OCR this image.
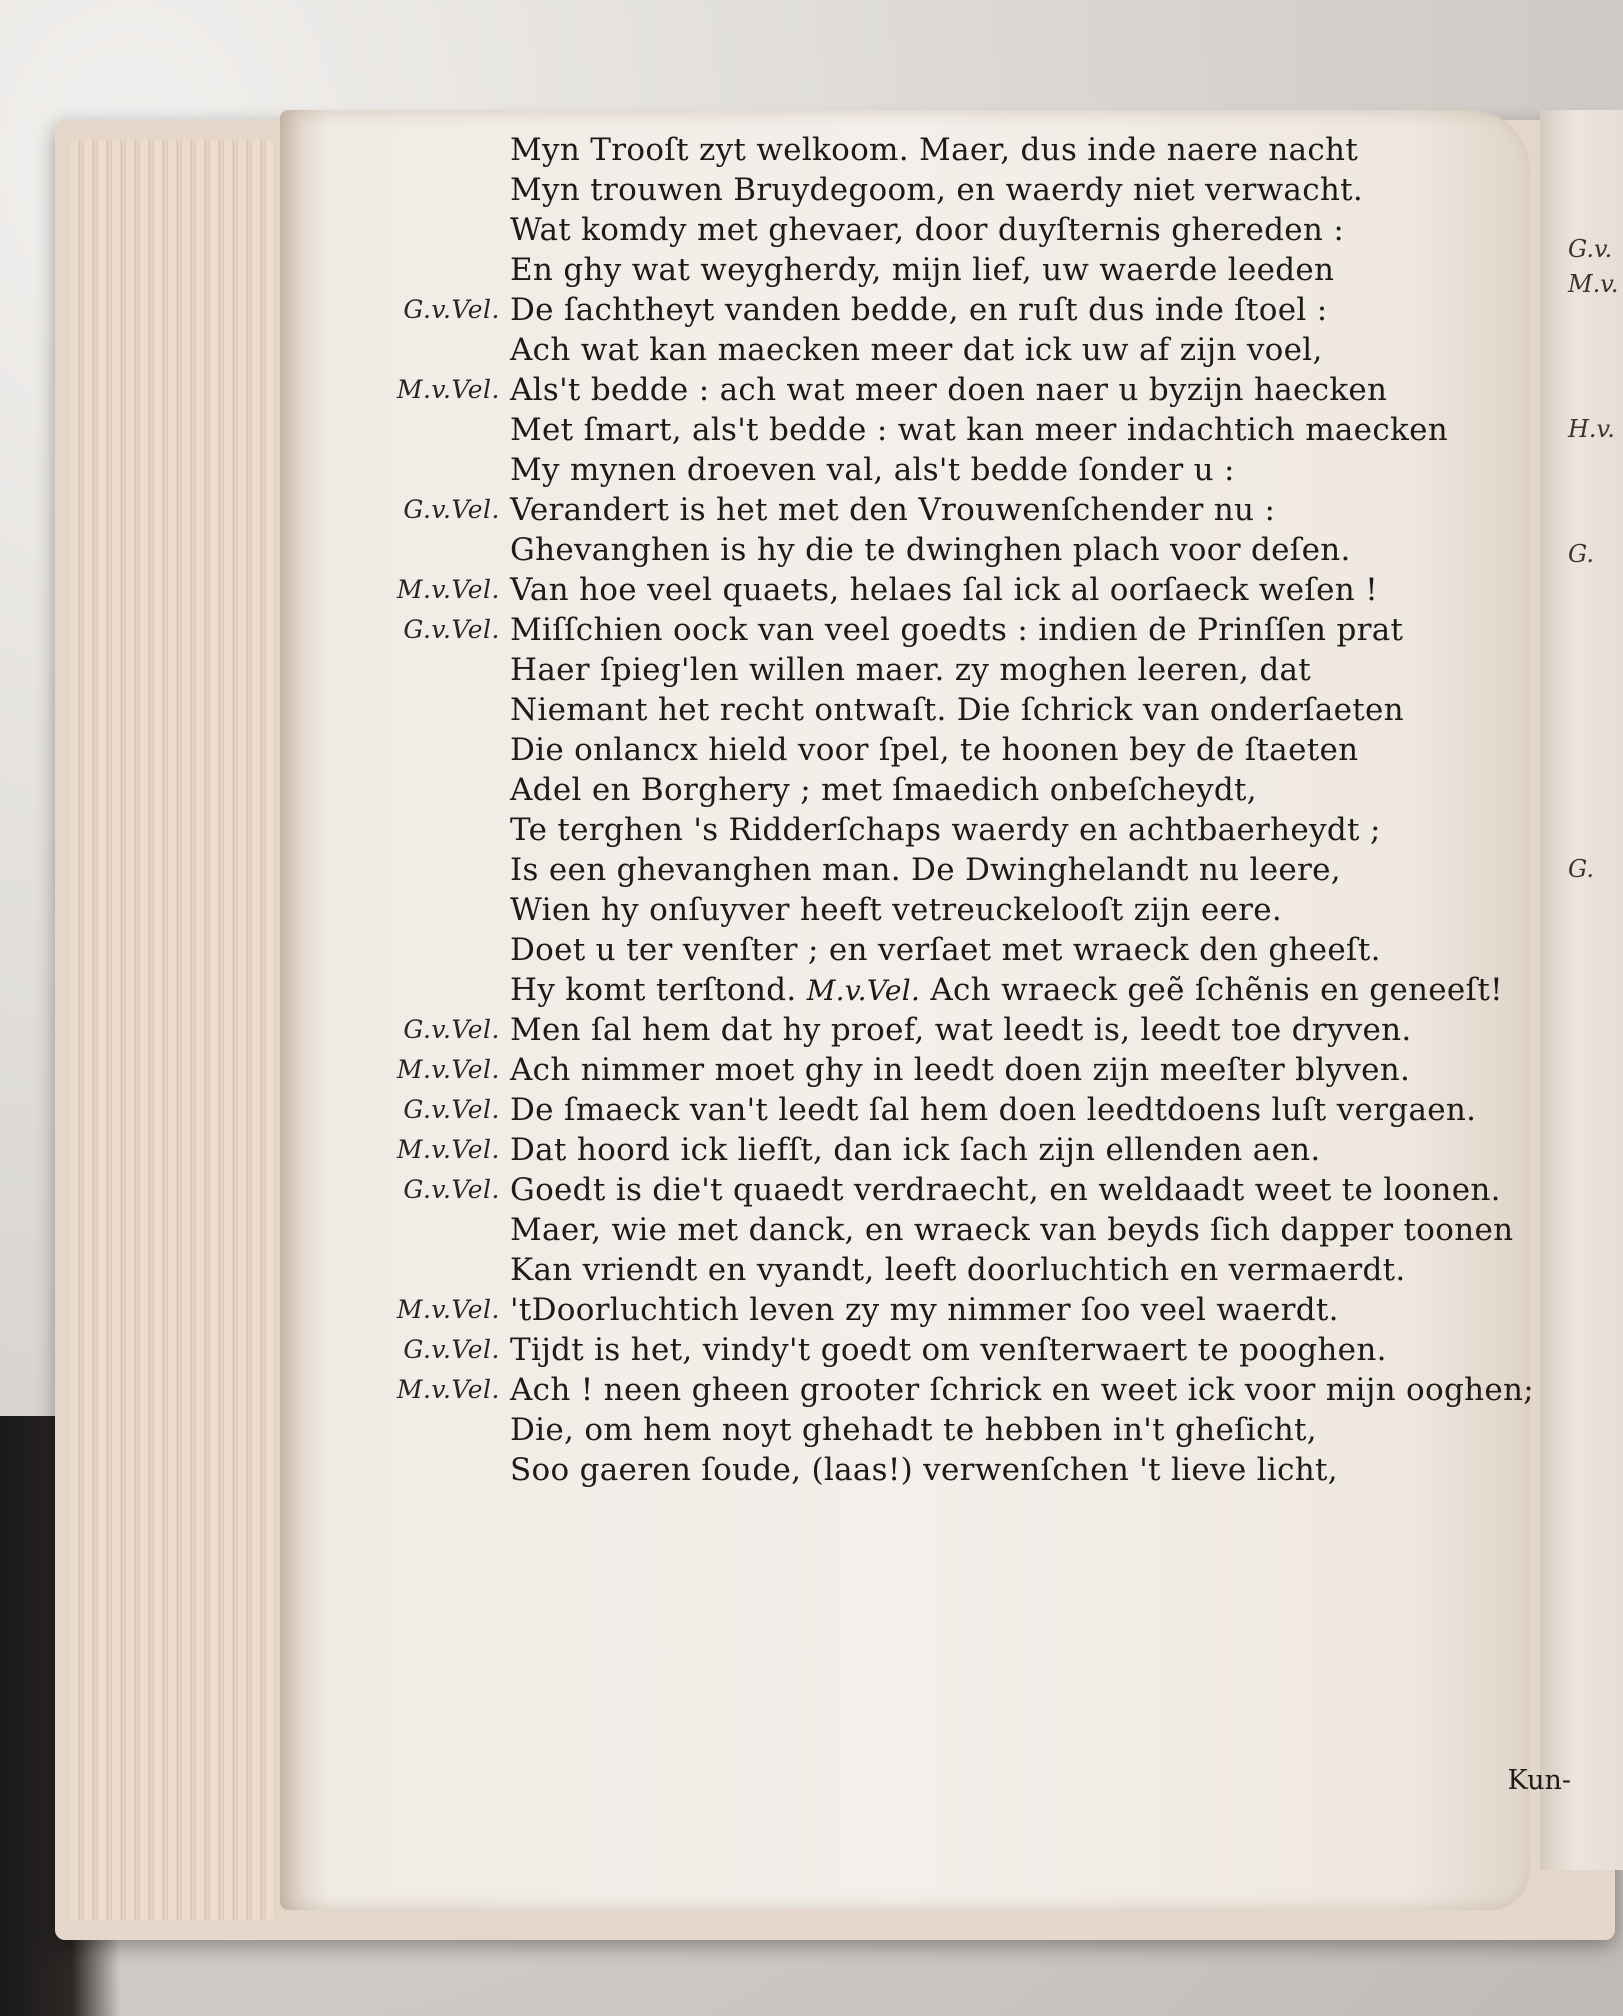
G.v.
M.v.
H.v.
G.
G.
Myn Trooſt zyt welkoom. Maer, dus inde naere nacht
Myn trouwen Bruydegoom, en waerdy niet verwacht.
Wat komdy met ghevaer, door duyſternis ghereden :
En ghy wat weygherdy, mijn lief, uw waerde leeden
G.v.Vel. De ſachtheyt vanden bedde, en ruſt dus inde ſtoel :
Ach wat kan maecken meer dat ick uw af zijn voel,
M.v.Vel. Als't bedde : ach wat meer doen naer u byzijn haecken
Met ſmart, als't bedde : wat kan meer indachtich maecken
My mynen droeven val, als't bedde ſonder u :
G.v.Vel. Verandert is het met den Vrouwenſchender nu :
Ghevanghen is hy die te dwinghen plach voor deſen.
M.v.Vel. Van hoe veel quaets, helaes ſal ick al oorſaeck weſen !
G.v.Vel. Miſſchien oock van veel goedts : indien de Prinſſen prat
Haer ſpieg'len willen maer. zy moghen leeren, dat
Niemant het recht ontwaſt. Die ſchrick van onderſaeten
Die onlancx hield voor ſpel, te hoonen bey de ſtaeten
Adel en Borghery ; met ſmaedich onbeſcheydt,
Te terghen 's Ridderſchaps waerdy en achtbaerheydt ;
Is een ghevanghen man. De Dwinghelandt nu leere,
Wien hy onſuyver heeft vetreuckelooſt zijn eere.
Doet u ter venſter ; en verſaet met wraeck den gheeſt.
Hy komt terſtond. M.v.Vel. Ach wraeck geẽ ſchẽnis en geneeſt!
G.v.Vel. Men ſal hem dat hy proef, wat leedt is, leedt toe dryven.
M.v.Vel. Ach nimmer moet ghy in leedt doen zijn meeſter blyven.
G.v.Vel. De ſmaeck van't leedt ſal hem doen leedtdoens luſt vergaen.
M.v.Vel. Dat hoord ick liefſt, dan ick ſach zijn ellenden aen.
G.v.Vel. Goedt is die't quaedt verdraecht, en weldaadt weet te loonen.
Maer, wie met danck, en wraeck van beyds ſich dapper toonen
Kan vriendt en vyandt, leeft doorluchtich en vermaerdt.
M.v.Vel. 'tDoorluchtich leven zy my nimmer ſoo veel waerdt.
G.v.Vel. Tijdt is het, vindy't goedt om venſterwaert te pooghen.
M.v.Vel. Ach ! neen gheen grooter ſchrick en weet ick voor mijn ooghen;
Die, om hem noyt ghehadt te hebben in't gheſicht,
Soo gaeren ſoude, (laas!) verwenſchen 't lieve licht,
Kun-
